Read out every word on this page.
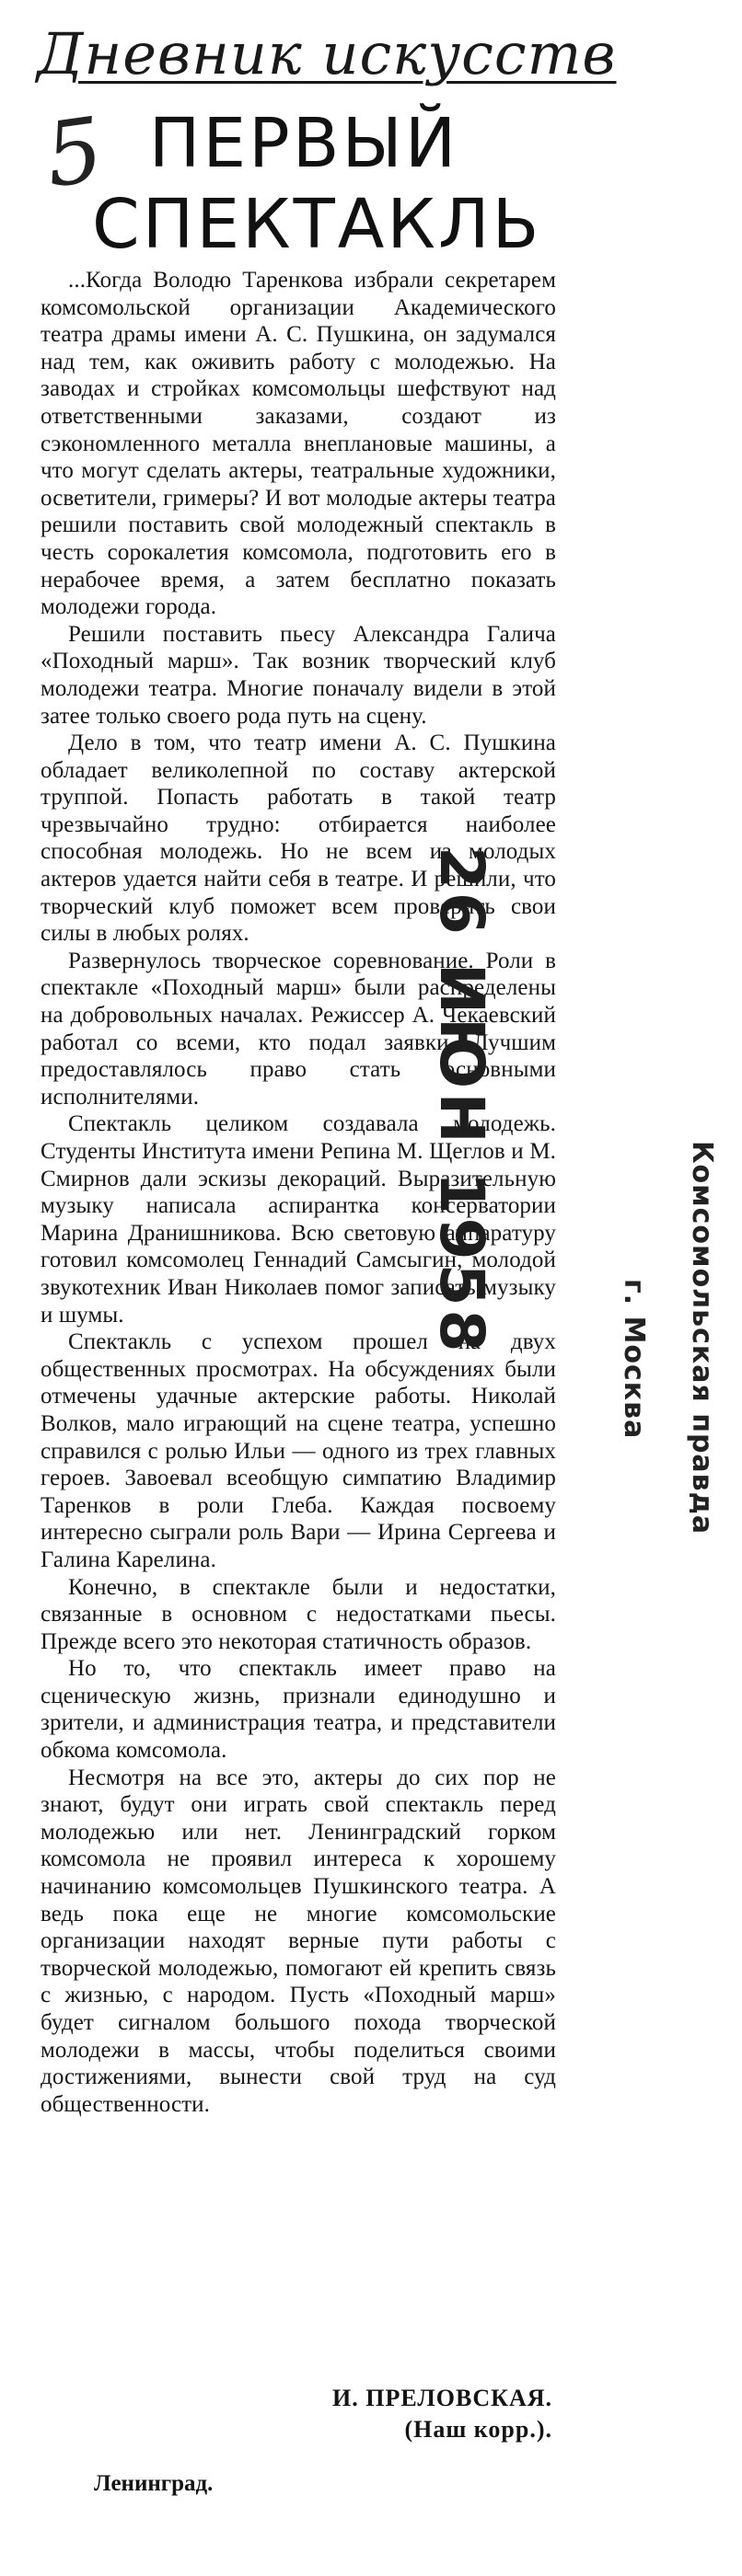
Дневник искусств
5 ПЕРВЫЙ СПЕКТАКЛЬ

...Когда Володю Таренкова избрали секретарем комсомольской организации Академического театра драмы имени А. С. Пушкина, он задумался над тем, как оживить работу с молодежью. На заводах и стройках комсомольцы шефствуют над ответственными заказами, создают из сэкономленного металла внеплановые машины, а что могут сделать актеры, театральные художники, осветители, гримеры? И вот молодые актеры театра решили поставить свой молодежный спектакль в честь сорокалетия комсомола, подготовить его в нерабочее время, а затем бесплатно показать молодежи города.

Решили поставить пьесу Александра Галича «Походный марш». Так возник творческий клуб молодежи театра. Многие поначалу видели в этой затее только своего рода путь на сцену.

Дело в том, что театр имени А. С. Пушкина обладает великолепной по составу актерской труппой. Попасть работать в такой театр чрезвычайно трудно: отбирается наиболее способная молодежь. Но не всем из молодых актеров удается найти себя в театре. И решили, что творческий клуб поможет всем проверить свои силы в любых ролях.

Развернулось творческое соревнование. Роли в спектакле «Походный марш» были распределены на добровольных началах. Режиссер А. Чекаевский работал со всеми, кто подал заявки. Лучшим предоставлялось право стать основными исполнителями.

Спектакль целиком создавала молодежь. Студенты Института имени Репина М. Щеглов и М. Смирнов дали эскизы декораций. Выразительную музыку написала аспирантка консерватории Марина Дранишникова. Всю световую аппаратуру готовил комсомолец Геннадий Самсыгин, молодой звукотехник Иван Николаев помог записать музыку и шумы.

Спектакль с успехом прошел на двух общественных просмотрах. На обсуждениях были отмечены удачные актерские работы. Николай Волков, мало играющий на сцене театра, успешно справился с ролью Ильи — одного из трех главных героев. Завоевал всеобщую симпатию Владимир Таренков в роли Глеба. Каждая посвоему интересно сыграли роль Вари — Ирина Сергеева и Галина Карелина.

Конечно, в спектакле были и недостатки, связанные в основном с недостатками пьесы. Прежде всего это некоторая статичность образов.

Но то, что спектакль имеет право на сценическую жизнь, признали единодушно и зрители, и администрация театра, и представители обкома комсомола.

Несмотря на все это, актеры до сих пор не знают, будут они играть свой спектакль перед молодежью или нет. Ленинградский горком комсомола не проявил интереса к хорошему начинанию комсомольцев Пушкинского театра. А ведь пока еще не многие комсомольские организации находят верные пути работы с творческой молодежью, помогают ей крепить связь с жизнью, с народом. Пусть «Походный марш» будет сигналом большого похода творческой молодежи в массы, чтобы поделиться своими достижениями, вынести свой труд на суд общественности.

И. ПРЕЛОВСКАЯ.
(Наш корр.).
Ленинград.
26 ИЮН 1958	Комсомольская правда
г. Москва
